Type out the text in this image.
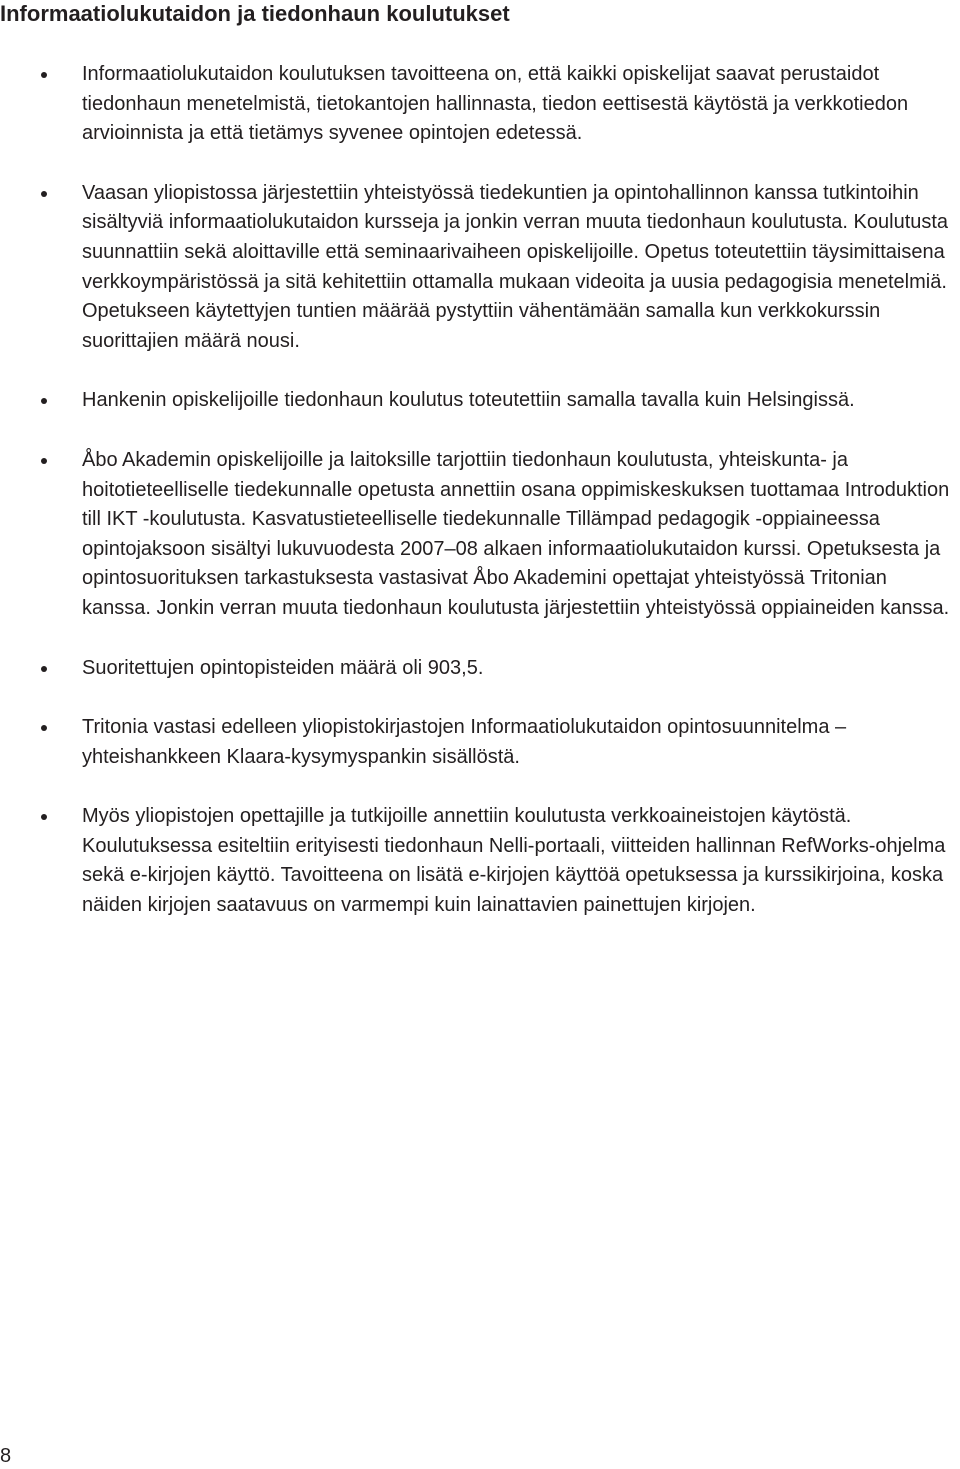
Informaatiolukutaidon ja tiedonhaun koulutukset
Informaatiolukutaidon koulutuksen tavoitteena on, että kaikki opiskelijat saavat perustaidot tiedonhaun menetelmistä, tietokantojen hallinnasta, tiedon eettisestä käytöstä ja verkkotiedon arvioinnista ja että tietämys syvenee opintojen edetessä.
Vaasan yliopistossa järjestettiin yhteistyössä tiedekuntien ja opintohallinnon kanssa tutkintoihin sisältyviä informaatiolukutaidon kursseja ja jonkin verran muuta tiedonhaun koulutusta. Koulutusta suunnattiin sekä aloittaville että seminaarivaiheen opiskelijoille. Opetus toteutettiin täysimittaisena verkkoympäristössä ja sitä kehitettiin ottamalla mukaan videoita ja uusia pedagogisia menetelmiä. Opetukseen käytettyjen tuntien määrää pystyttiin vähentämään samalla kun verkkokurssin suorittajien määrä nousi.
Hankenin opiskelijoille tiedonhaun koulutus toteutettiin samalla tavalla kuin Helsingissä.
Åbo Akademin opiskelijoille ja laitoksille tarjottiin tiedonhaun koulutusta, yhteiskunta- ja hoitotieteelliselle tiedekunnalle opetusta annettiin osana oppimiskeskuksen tuottamaa Introduktion till IKT -koulutusta. Kasvatustieteelliselle tiedekunnalle Tillämpad pedagogik -oppiaineessa opintojaksoon sisältyi lukuvuodesta 2007–08 alkaen informaatiolukutaidon kurssi. Opetuksesta ja opintosuorituksen tarkastuksesta vastasivat Åbo Akademini opettajat yhteistyössä Tritonian kanssa. Jonkin verran muuta tiedonhaun koulutusta järjestettiin yhteistyössä oppiaineiden kanssa.
Suoritettujen opintopisteiden määrä oli 903,5.
Tritonia vastasi edelleen yliopistokirjastojen Informaatiolukutaidon opintosuunnitelma –yhteishankkeen Klaara-kysymyspankin sisällöstä.
Myös yliopistojen opettajille ja tutkijoille annettiin koulutusta verkkoaineistojen käytöstä. Koulutuksessa esiteltiin erityisesti tiedonhaun Nelli-portaali, viitteiden hallinnan RefWorks-ohjelma sekä e-kirjojen käyttö. Tavoitteena on lisätä e-kirjojen käyttöä opetuksessa ja kurssikirjoina, koska näiden kirjojen saatavuus on varmempi kuin lainattavien painettujen kirjojen.
8
